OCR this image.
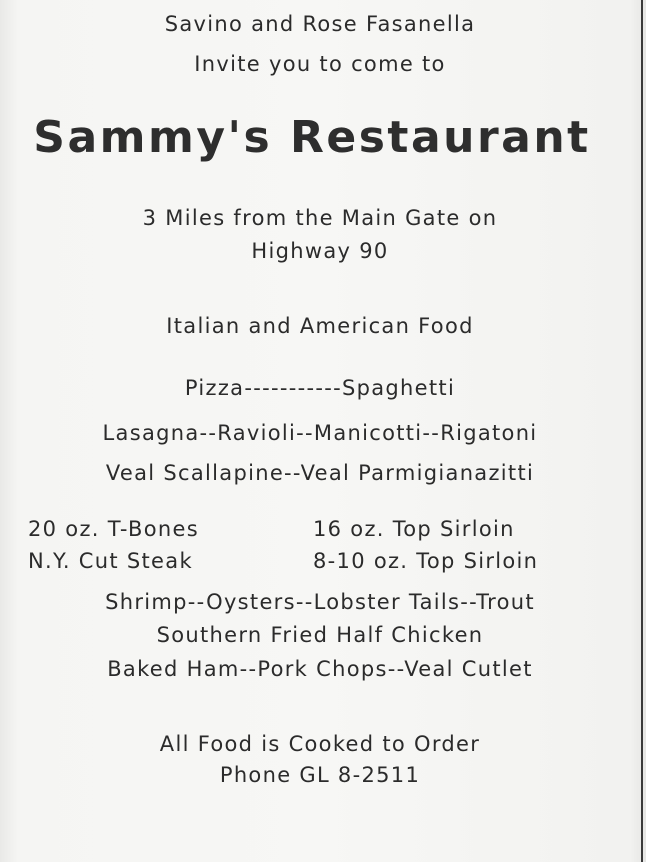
Savino and Rose Fasanella
Invite you to come to
Sammy's Restaurant
3 Miles from the Main Gate on
Highway 90
Italian and American Food
Pizza-----------Spaghetti
Lasagna--Ravioli--Manicotti--Rigatoni
Veal Scallapine--Veal Parmigianazitti
20 oz. T-Bones	16 oz. Top Sirloin
N.Y. Cut Steak	8-10 oz. Top Sirloin
Shrimp--Oysters--Lobster Tails--Trout
Southern Fried Half Chicken
Baked Ham--Pork Chops--Veal Cutlet
All Food is Cooked to Order
Phone GL 8-2511
